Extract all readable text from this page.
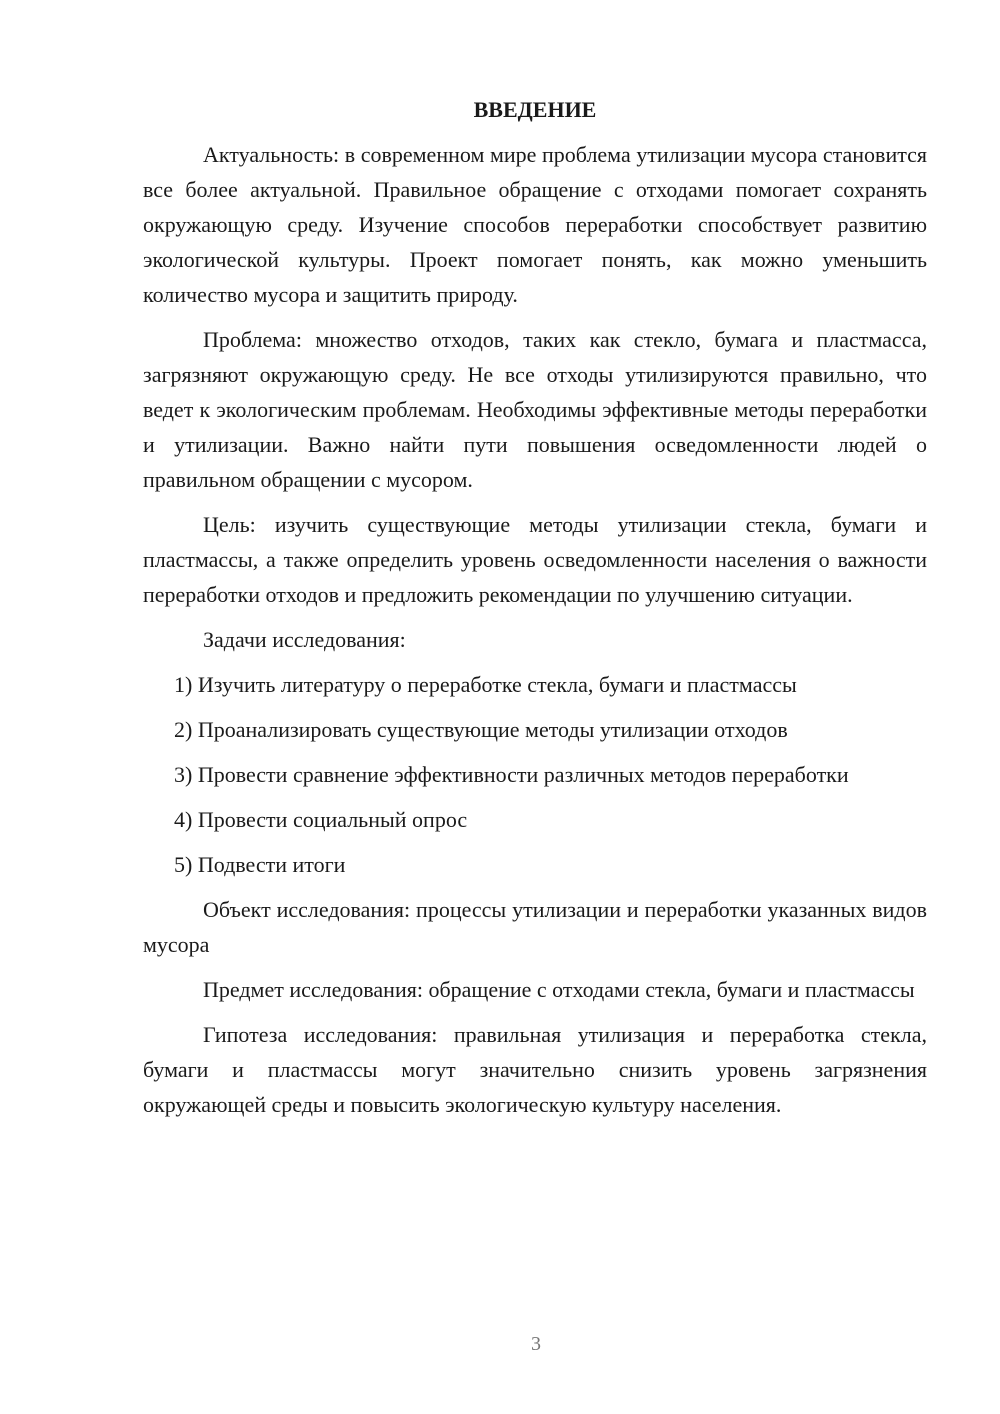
ВВЕДЕНИЕ

Актуальность: в современном мире проблема утилизации мусора становится все более актуальной. Правильное обращение с отходами помогает сохранять окружающую среду. Изучение способов переработки способствует развитию экологической культуры. Проект помогает понять, как можно уменьшить количество мусора и защитить природу.

Проблема: множество отходов, таких как стекло, бумага и пластмасса, загрязняют окружающую среду. Не все отходы утилизируются правильно, что ведет к экологическим проблемам. Необходимы эффективные методы переработки и утилизации. Важно найти пути повышения осведомленности людей о правильном обращении с мусором.

Цель: изучить существующие методы утилизации стекла, бумаги и пластмассы, а также определить уровень осведомленности населения о важности переработки отходов и предложить рекомендации по улучшению ситуации.

Задачи исследования:

1) Изучить литературу о переработке стекла, бумаги и пластмассы

2) Проанализировать существующие методы утилизации отходов

3) Провести сравнение эффективности различных методов переработки

4) Провести социальный опрос

5) Подвести итоги

Объект исследования: процессы утилизации и переработки указанных видов мусора

Предмет исследования: обращение с отходами стекла, бумаги и пластмассы

Гипотеза исследования: правильная утилизация и переработка стекла, бумаги и пластмассы могут значительно снизить уровень загрязнения окружающей среды и повысить экологическую культуру населения.

3
